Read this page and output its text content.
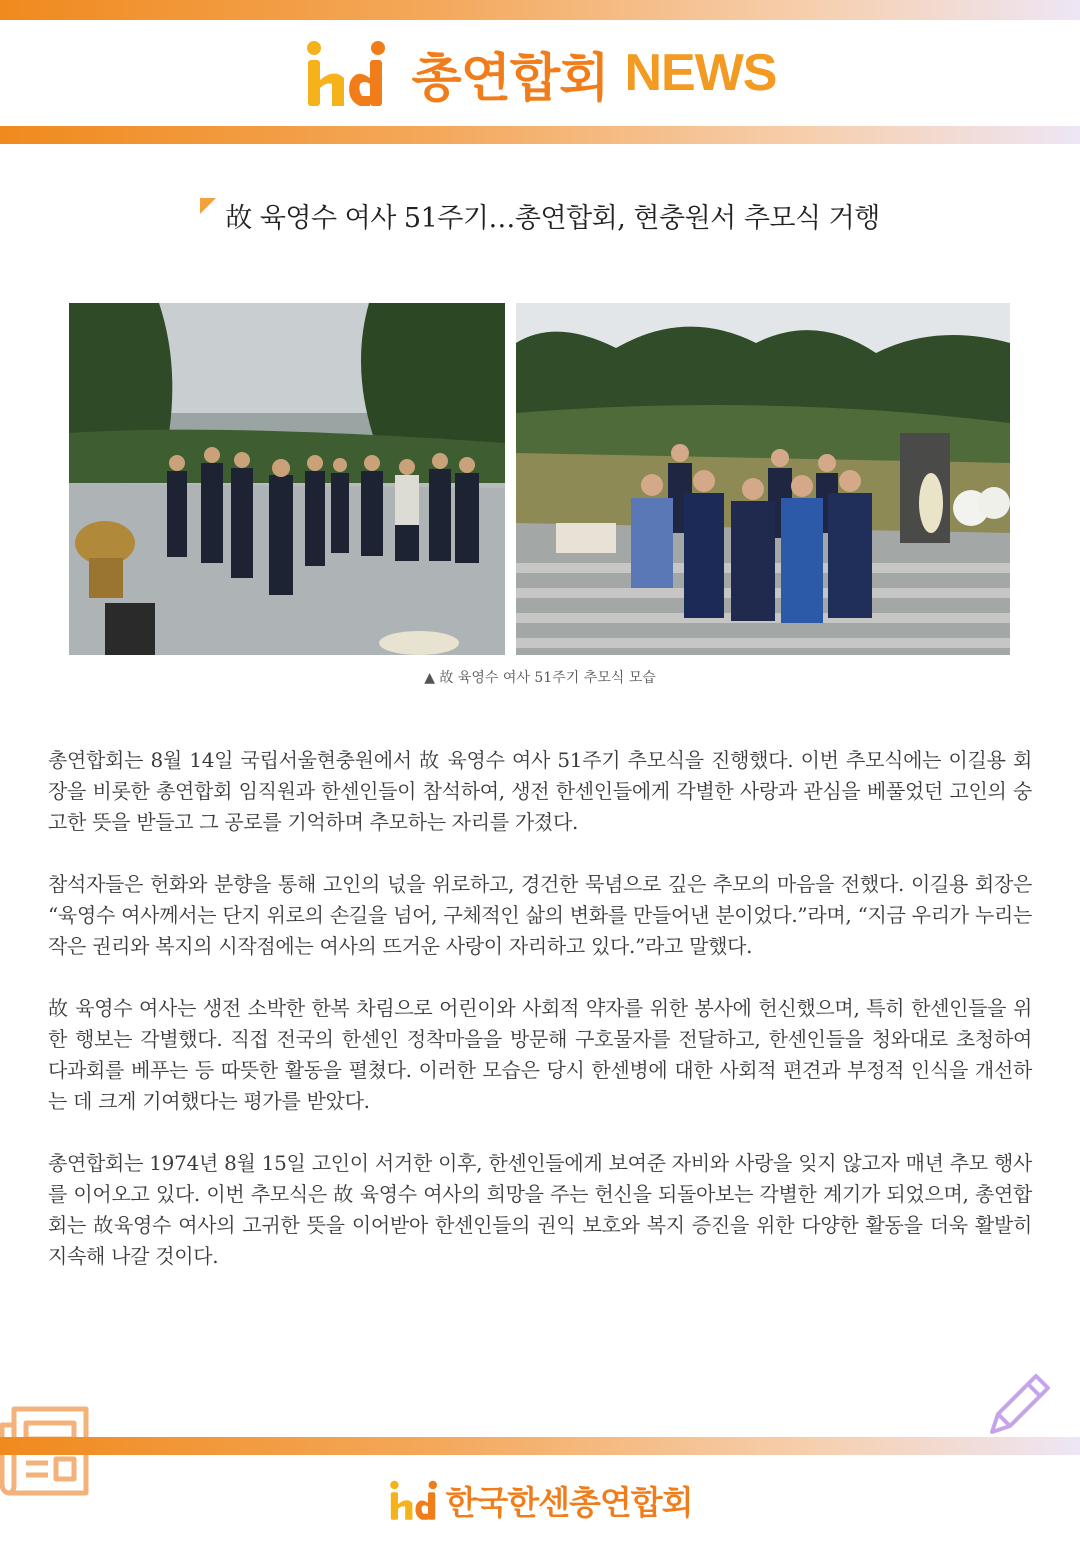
총연합회 NEWS
故 육영수 여사 51주기…총연합회, 현충원서 추모식 거행
▲ 故 육영수 여사 51주기 추모식 모습

총연합회는 8월 14일 국립서울현충원에서 故 육영수 여사 51주기 추모식을 진행했다. 이번 추모식에는 이길용 회장을 비롯한 총연합회 임직원과 한센인들이 참석하여, 생전 한센인들에게 각별한 사랑과 관심을 베풀었던 고인의 숭고한 뜻을 받들고 그 공로를 기억하며 추모하는 자리를 가졌다.

참석자들은 헌화와 분향을 통해 고인의 넋을 위로하고, 경건한 묵념으로 깊은 추모의 마음을 전했다. 이길용 회장은 “육영수 여사께서는 단지 위로의 손길을 넘어, 구체적인 삶의 변화를 만들어낸 분이었다.”라며, “지금 우리가 누리는 작은 권리와 복지의 시작점에는 여사의 뜨거운 사랑이 자리하고 있다.”라고 말했다.

故 육영수 여사는 생전 소박한 한복 차림으로 어린이와 사회적 약자를 위한 봉사에 헌신했으며, 특히 한센인들을 위한 행보는 각별했다. 직접 전국의 한센인 정착마을을 방문해 구호물자를 전달하고, 한센인들을 청와대로 초청하여 다과회를 베푸는 등 따뜻한 활동을 펼쳤다. 이러한 모습은 당시 한센병에 대한 사회적 편견과 부정적 인식을 개선하는 데 크게 기여했다는 평가를 받았다.

총연합회는 1974년 8월 15일 고인이 서거한 이후, 한센인들에게 보여준 자비와 사랑을 잊지 않고자 매년 추모 행사를 이어오고 있다. 이번 추모식은 故 육영수 여사의 희망을 주는 헌신을 되돌아보는 각별한 계기가 되었으며, 총연합회는 故육영수 여사의 고귀한 뜻을 이어받아 한센인들의 권익 보호와 복지 증진을 위한 다양한 활동을 더욱 활발히 지속해 나갈 것이다.

한국한센총연합회
